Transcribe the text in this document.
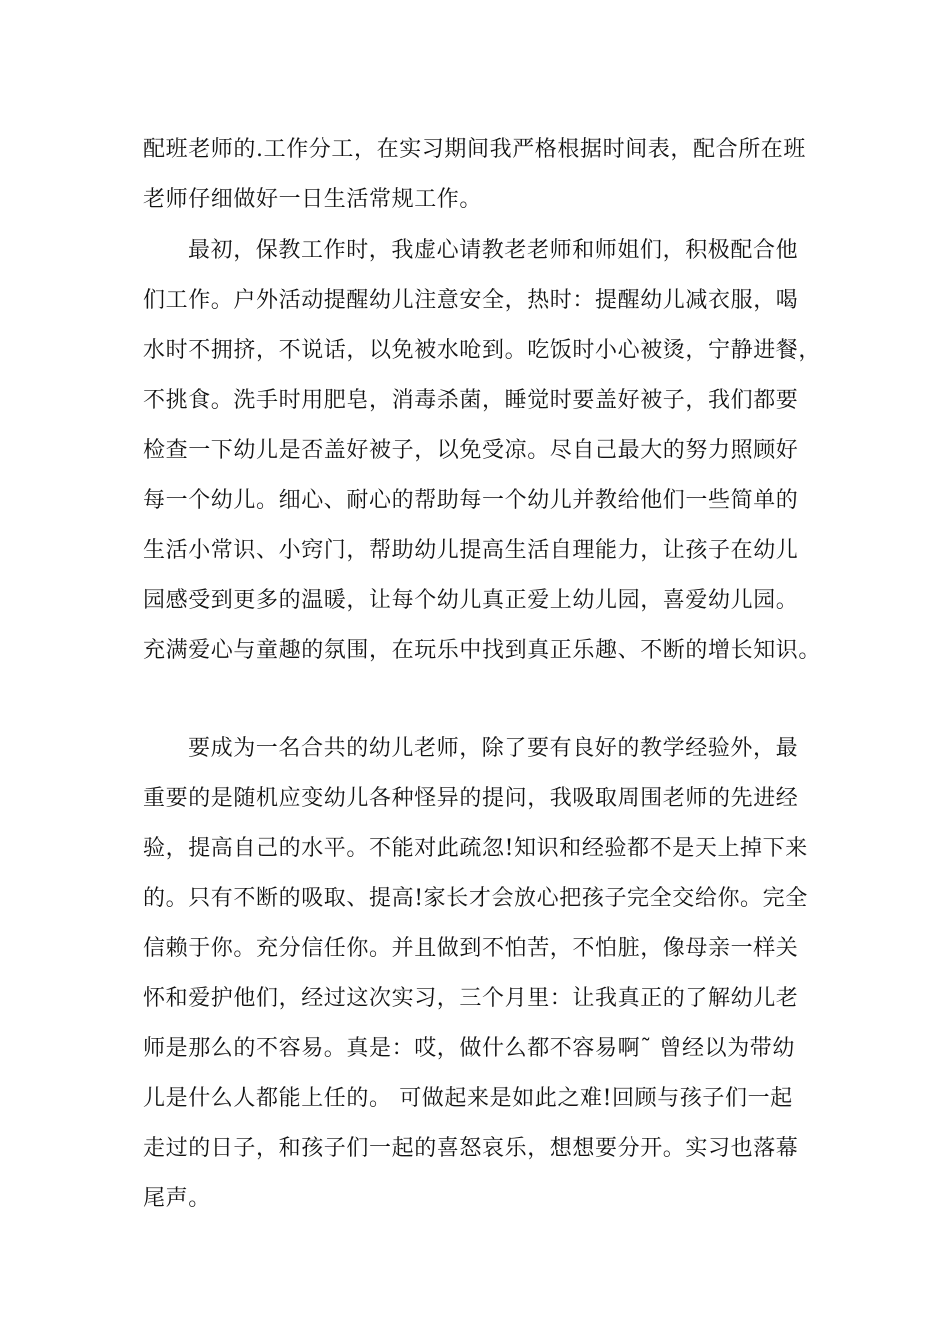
配班老师的.工作分工，在实习期间我严格根据时间表，配合所在班
老师仔细做好一日生活常规工作。
最初，保教工作时，我虚心请教老老师和师姐们，积极配合他
们工作。户外活动提醒幼儿注意安全，热时：提醒幼儿减衣服，喝
水时不拥挤，不说话，以免被水呛到。吃饭时小心被烫，宁静进餐，
不挑食。洗手时用肥皂，消毒杀菌，睡觉时要盖好被子，我们都要
检查一下幼儿是否盖好被子，以免受凉。尽自己最大的努力照顾好
每一个幼儿。细心、耐心的帮助每一个幼儿并教给他们一些简单的
生活小常识、小窍门，帮助幼儿提高生活自理能力，让孩子在幼儿
园感受到更多的温暖，让每个幼儿真正爱上幼儿园，喜爱幼儿园。
充满爱心与童趣的氛围，在玩乐中找到真正乐趣、不断的增长知识。
要成为一名合共的幼儿老师，除了要有良好的教学经验外，最
重要的是随机应变幼儿各种怪异的提问，我吸取周围老师的先进经
验，提高自己的水平。不能对此疏忽!知识和经验都不是天上掉下来
的。只有不断的吸取、提高!家长才会放心把孩子完全交给你。完全
信赖于你。充分信任你。并且做到不怕苦，不怕脏，像母亲一样关
怀和爱护他们，经过这次实习，三个月里：让我真正的了解幼儿老
师是那么的不容易。真是：哎，做什么都不容易啊˜ 曾经以为带幼
儿是什么人都能上任的。 可做起来是如此之难!回顾与孩子们一起
走过的日子，和孩子们一起的喜怒哀乐，想想要分开。实习也落幕
尾声。
